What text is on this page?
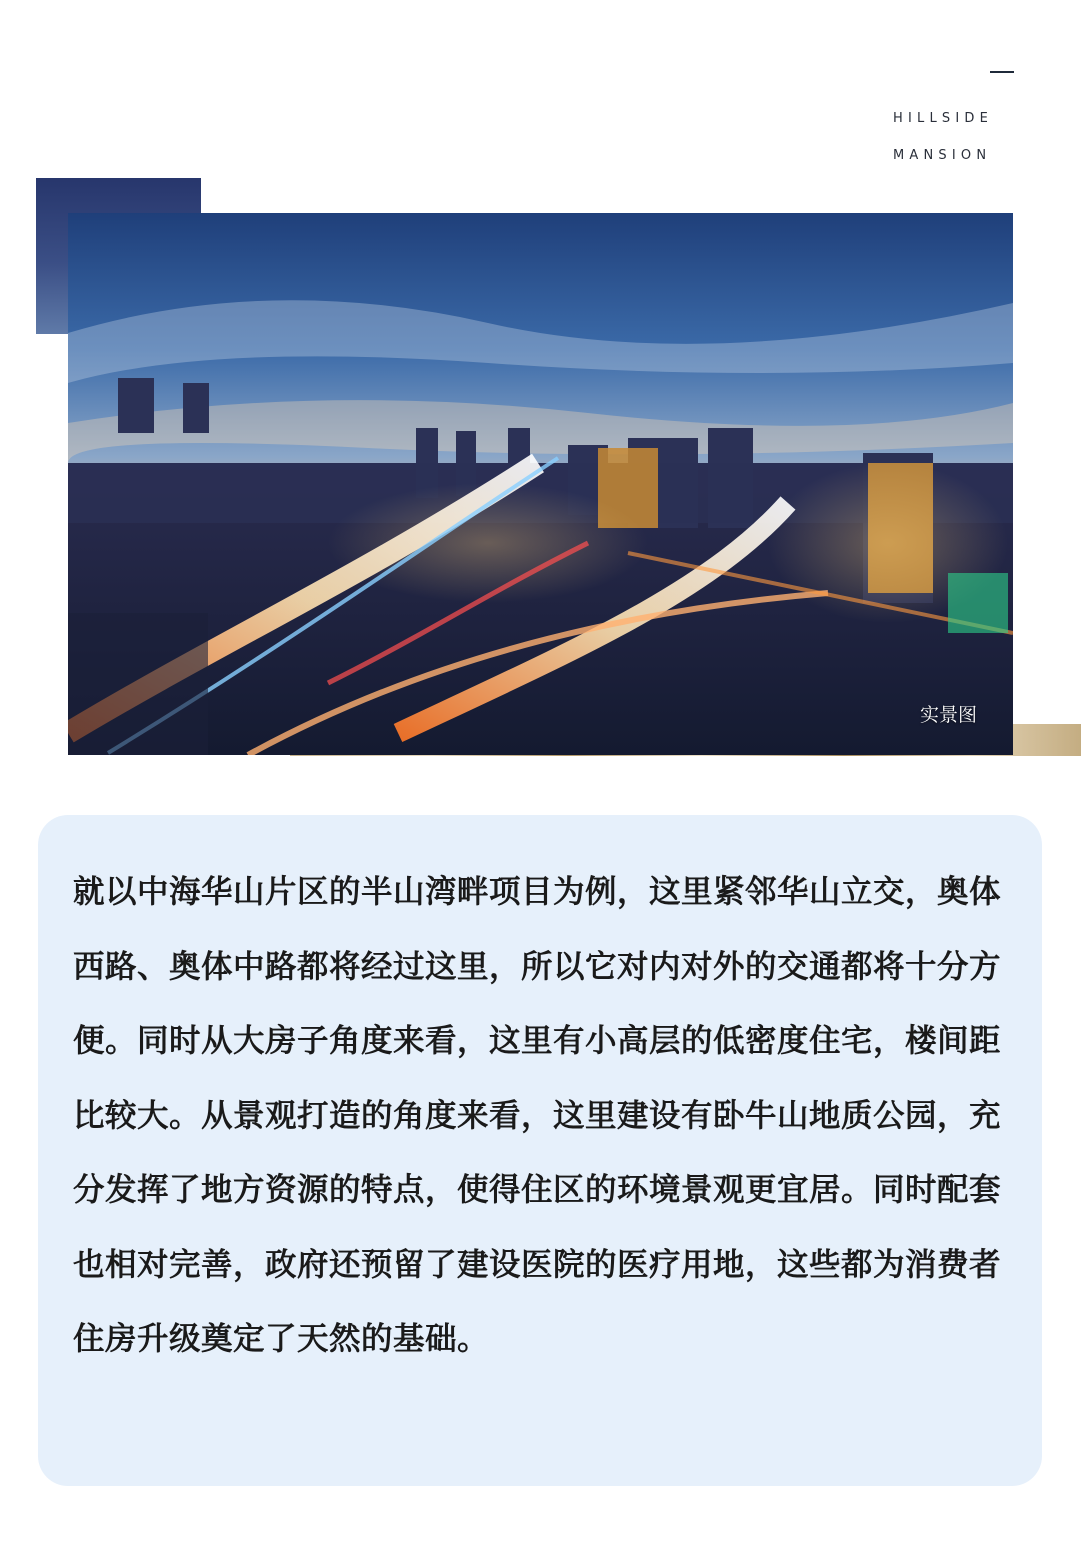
HILLSIDE
MANSION
实景图

就以中海华山片区的半山湾畔项目为例，这里紧邻华山立交，奥体西路、奥体中路都将经过这里，所以它对内对外的交通都将十分方便。同时从大房子角度来看，这里有小高层的低密度住宅，楼间距比较大。从景观打造的角度来看，这里建设有卧牛山地质公园，充分发挥了地方资源的特点，使得住区的环境景观更宜居。同时配套也相对完善，政府还预留了建设医院的医疗用地，这些都为消费者住房升级奠定了天然的基础。
